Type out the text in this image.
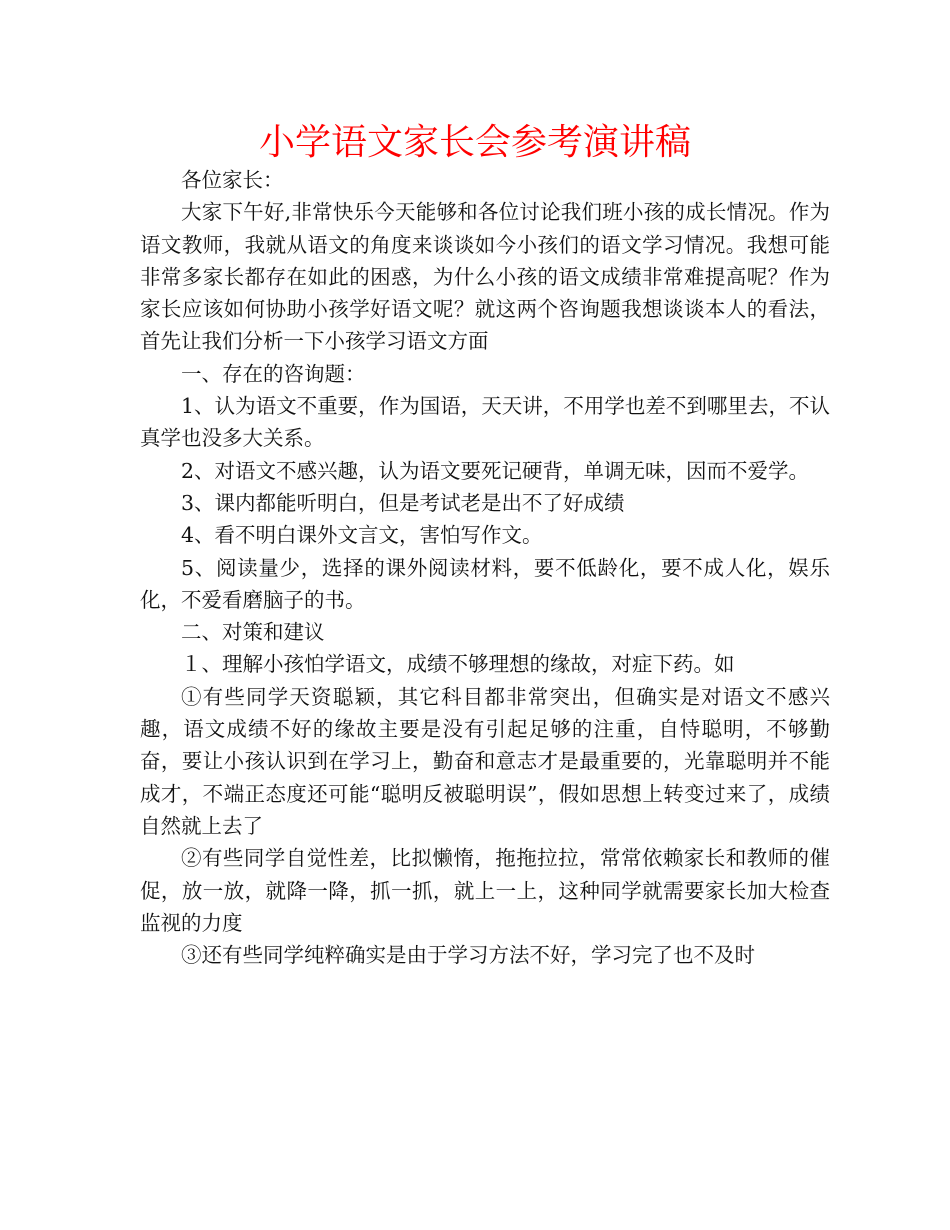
小学语文家长会参考演讲稿

各位家长：

大家下午好,非常快乐今天能够和各位讨论我们班小孩的成长情况。作为语文教师，我就从语文的角度来谈谈如今小孩们的语文学习情况。我想可能非常多家长都存在如此的困惑，为什么小孩的语文成绩非常难提高呢？作为家长应该如何协助小孩学好语文呢？就这两个咨询题我想谈谈本人的看法，首先让我们分析一下小孩学习语文方面

一、存在的咨询题：

1、认为语文不重要，作为国语，天天讲，不用学也差不到哪里去，不认真学也没多大关系。

2、对语文不感兴趣，认为语文要死记硬背，单调无味，因而不爱学。

3、课内都能听明白，但是考试老是出不了好成绩

4、看不明白课外文言文，害怕写作文。

5、阅读量少，选择的课外阅读材料，要不低龄化，要不成人化，娱乐化，不爱看磨脑子的书。

二、对策和建议

１、理解小孩怕学语文，成绩不够理想的缘故，对症下药。如

①有些同学天资聪颖，其它科目都非常突出，但确实是对语文不感兴趣，语文成绩不好的缘故主要是没有引起足够的注重，自恃聪明，不够勤奋，要让小孩认识到在学习上，勤奋和意志才是最重要的，光靠聪明并不能成才，不端正态度还可能“聪明反被聪明误”，假如思想上转变过来了，成绩自然就上去了

②有些同学自觉性差，比拟懒惰，拖拖拉拉，常常依赖家长和教师的催促，放一放，就降一降，抓一抓，就上一上，这种同学就需要家长加大检查监视的力度

③还有些同学纯粹确实是由于学习方法不好，学习完了也不及时
